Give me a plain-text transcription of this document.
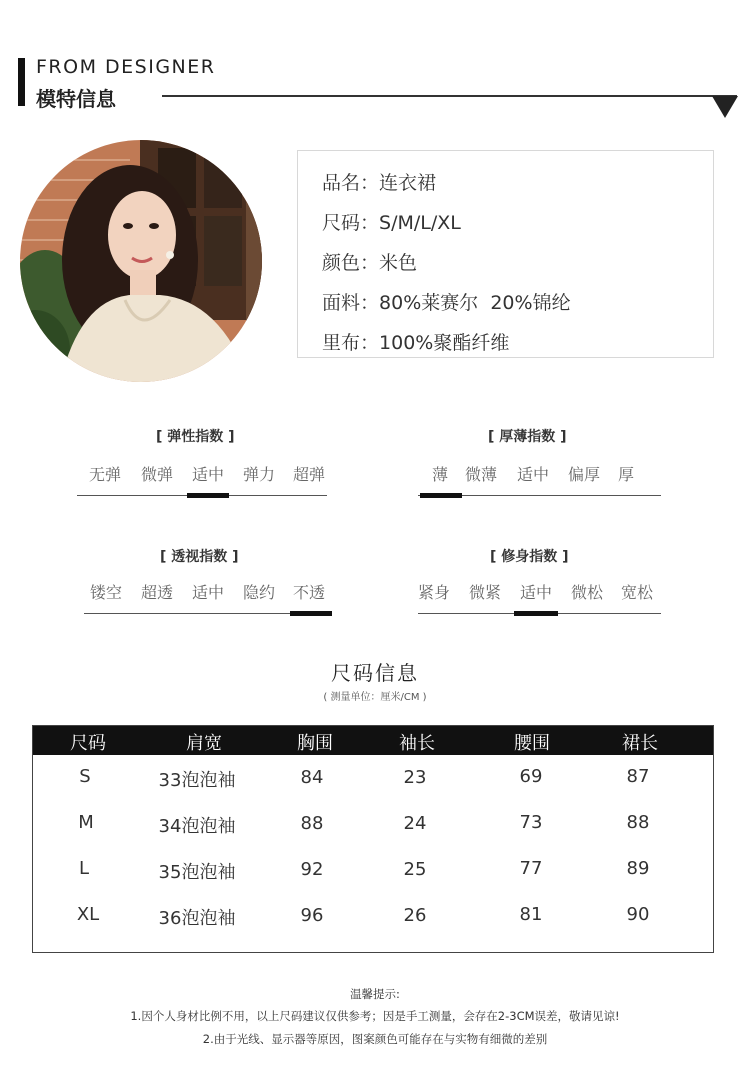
FROM DESIGNER
模特信息
品名：连衣裙
尺码：S/M/L/XL
颜色：米色
面料：80%莱赛尔  20%锦纶
里布：100%聚酯纤维
[ 弹性指数 ]
无弹 微弹 适中 弹力 超弹
[ 厚薄指数 ]
薄 微薄 适中 偏厚 厚
[ 透视指数 ]
镂空 超透 适中 隐约 不透
[ 修身指数 ]
紧身 微紧 适中 微松 宽松
尺码信息
( 测量单位：厘米/CM )
尺码	肩宽	胸围	袖长	腰围	裙长
S	33泡泡袖	84	23	69	87
M	34泡泡袖	88	24	73	88
L	35泡泡袖	92	25	77	89
XL	36泡泡袖	96	26	81	90
温馨提示:
1.因个人身材比例不用，以上尺码建议仅供参考；因是手工测量，会存在2-3CM误差，敬请见谅!
2.由于光线、显示器等原因，图案颜色可能存在与实物有细微的差别
